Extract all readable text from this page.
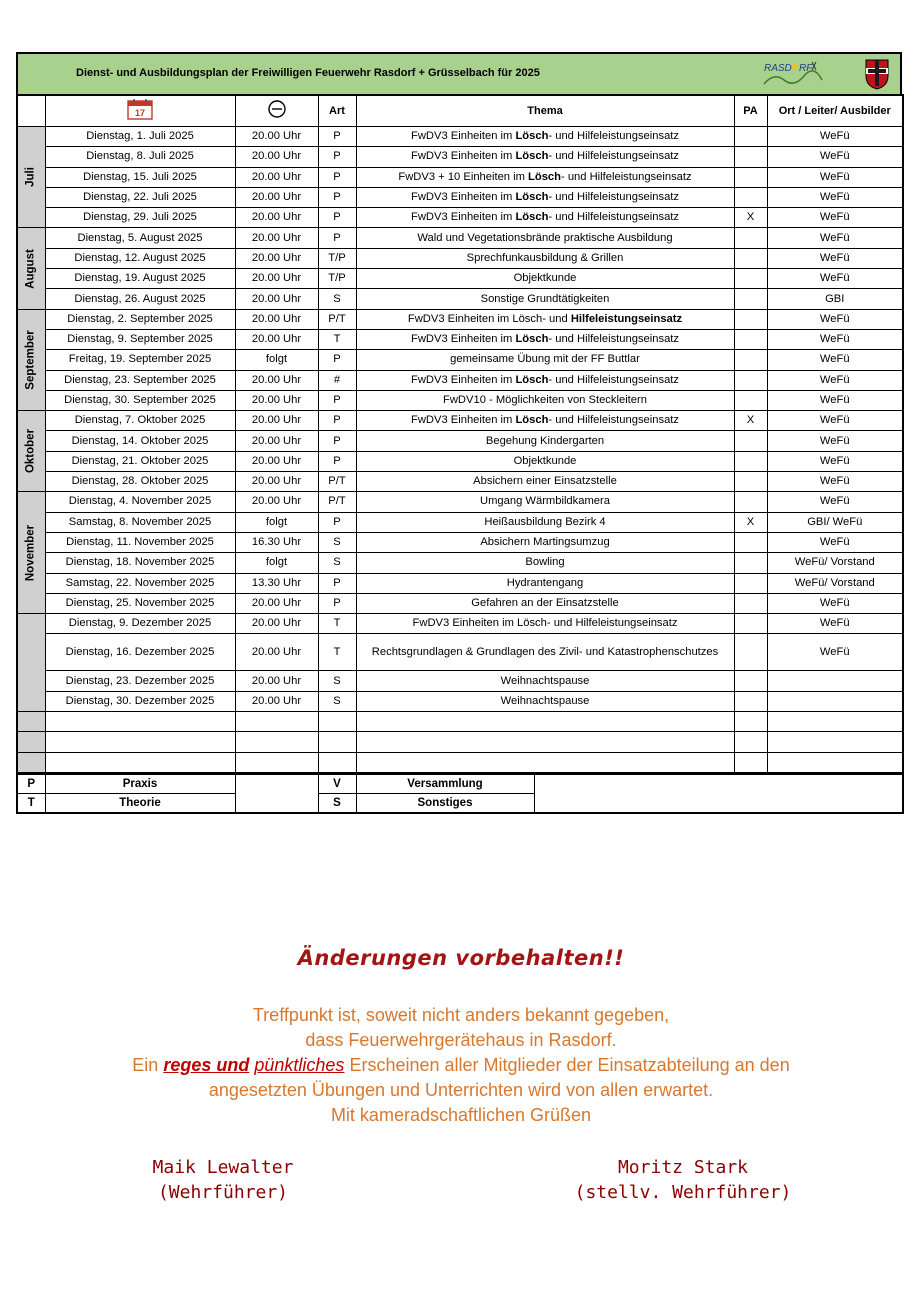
Dienst- und Ausbildungsplan der Freiwilligen Feuerwehr Rasdorf + Grüsselbach für 2025	RASD RF

17		Art	Thema	PA	Ort / Leiter/ Ausbilder

Juli	Dienstag, 1. Juli 2025	20.00 Uhr	P	FwDV3 Einheiten im Lösch- und Hilfeleistungseinsatz		WeFü
	Dienstag, 8. Juli 2025	20.00 Uhr	P	FwDV3 Einheiten im Lösch- und Hilfeleistungseinsatz		WeFü
	Dienstag, 15. Juli 2025	20.00 Uhr	P	FwDV3 + 10 Einheiten im Lösch- und Hilfeleistungseinsatz		WeFü
	Dienstag, 22. Juli 2025	20.00 Uhr	P	FwDV3 Einheiten im Lösch- und Hilfeleistungseinsatz		WeFü
	Dienstag, 29. Juli 2025	20.00 Uhr	P	FwDV3 Einheiten im Lösch- und Hilfeleistungseinsatz	X	WeFü

August	Dienstag, 5. August 2025	20.00 Uhr	P	Wald und Vegetationsbrände praktische Ausbildung		WeFü
	Dienstag, 12. August 2025	20.00 Uhr	T/P	Sprechfunkausbildung & Grillen		WeFü
	Dienstag, 19. August 2025	20.00 Uhr	T/P	Objektkunde		WeFü
	Dienstag, 26. August 2025	20.00 Uhr	S	Sonstige Grundtätigkeiten		GBI

September	Dienstag, 2. September 2025	20.00 Uhr	P/T	FwDV3 Einheiten im Lösch- und Hilfeleistungseinsatz		WeFü
	Dienstag, 9. September 2025	20.00 Uhr	T	FwDV3 Einheiten im Lösch- und Hilfeleistungseinsatz		WeFü
	Freitag, 19. September 2025	folgt	P	gemeinsame Übung mit der FF Buttlar		WeFü
	Dienstag, 23. September 2025	20.00 Uhr	#	FwDV3 Einheiten im Lösch- und Hilfeleistungseinsatz		WeFü
	Dienstag, 30. September 2025	20.00 Uhr	P	FwDV10 - Möglichkeiten von Steckleitern		WeFü

Oktober	Dienstag, 7. Oktober 2025	20.00 Uhr	P	FwDV3 Einheiten im Lösch- und Hilfeleistungseinsatz	X	WeFü
	Dienstag, 14. Oktober 2025	20.00 Uhr	P	Begehung Kindergarten		WeFü
	Dienstag, 21. Oktober 2025	20.00 Uhr	P	Objektkunde		WeFü
	Dienstag, 28. Oktober 2025	20.00 Uhr	P/T	Absichern einer Einsatzstelle		WeFü

November	Dienstag, 4. November 2025	20.00 Uhr	P/T	Umgang Wärmbildkamera		WeFü
	Samstag, 8. November 2025	folgt	P	Heißausbildung Bezirk 4	X	GBI/ WeFü
	Dienstag, 11. November 2025	16.30 Uhr	S	Absichern Martingsumzug		WeFü
	Dienstag, 18. November 2025	folgt	S	Bowling		WeFü/ Vorstand
	Samstag, 22. November 2025	13.30 Uhr	P	Hydrantengang		WeFü/ Vorstand
	Dienstag, 25. November 2025	20.00 Uhr	P	Gefahren an der Einsatzstelle		WeFü

	Dienstag, 9. Dezember 2025	20.00 Uhr	T	FwDV3 Einheiten im Lösch- und Hilfeleistungseinsatz		WeFü
	Dienstag, 16. Dezember 2025	20.00 Uhr	T	Rechtsgrundlagen & Grundlagen des Zivil- und Katastrophenschutzes		WeFü
	Dienstag, 23. Dezember 2025	20.00 Uhr	S	Weihnachtspause		
	Dienstag, 30. Dezember 2025	20.00 Uhr	S	Weihnachtspause		

P	Praxis		V	Versammlung	
T	Theorie		S	Sonstiges	
Änderungen vorbehalten!!
Treffpunkt ist, soweit nicht anders bekannt gegeben,
dass Feuerwehrgerätehaus in Rasdorf.
Ein reges und pünktliches Erscheinen aller Mitglieder der Einsatzabteilung an den
angesetzten Übungen und Unterrichten wird von allen erwartet.
Mit kameradschaftlichen Grüßen
Maik Lewalter
(Wehrführer)
Moritz Stark
(stellv. Wehrführer)
